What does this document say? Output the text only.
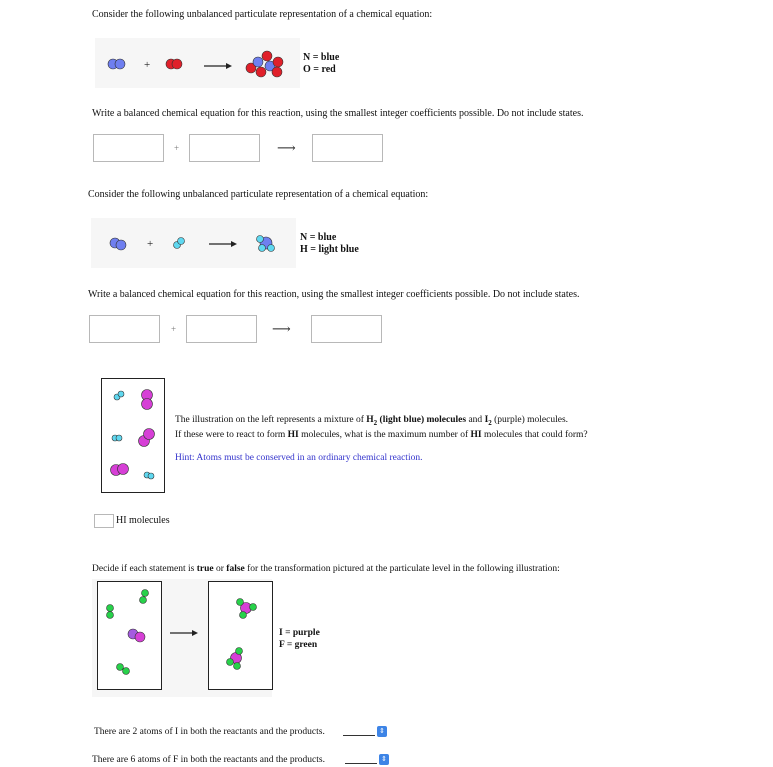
Consider the following unbalanced particulate representation of a chemical equation:
+
N = blue
O = red
Write a balanced chemical equation for this reaction, using the smallest integer coefficients possible. Do not include states.
+	⟶
Consider the following unbalanced particulate representation of a chemical equation:
+
N = blue
H = light blue
Write a balanced chemical equation for this reaction, using the smallest integer coefficients possible. Do not include states.
+	⟶
The illustration on the left represents a mixture of $H_2$ (light blue) molecules and $I_2$ (purple) molecules.
If these were to react to form HI molecules, what is the maximum number of HI molecules that could form?
Hint: Atoms must be conserved in an ordinary chemical reaction.
HI molecules
Decide if each statement is true or false for the transformation pictured at the particulate level in the following illustration:
I = purple
F = green
There are 2 atoms of I in both the reactants and the products.	⇕
There are 6 atoms of F in both the reactants and the products.	⇕
